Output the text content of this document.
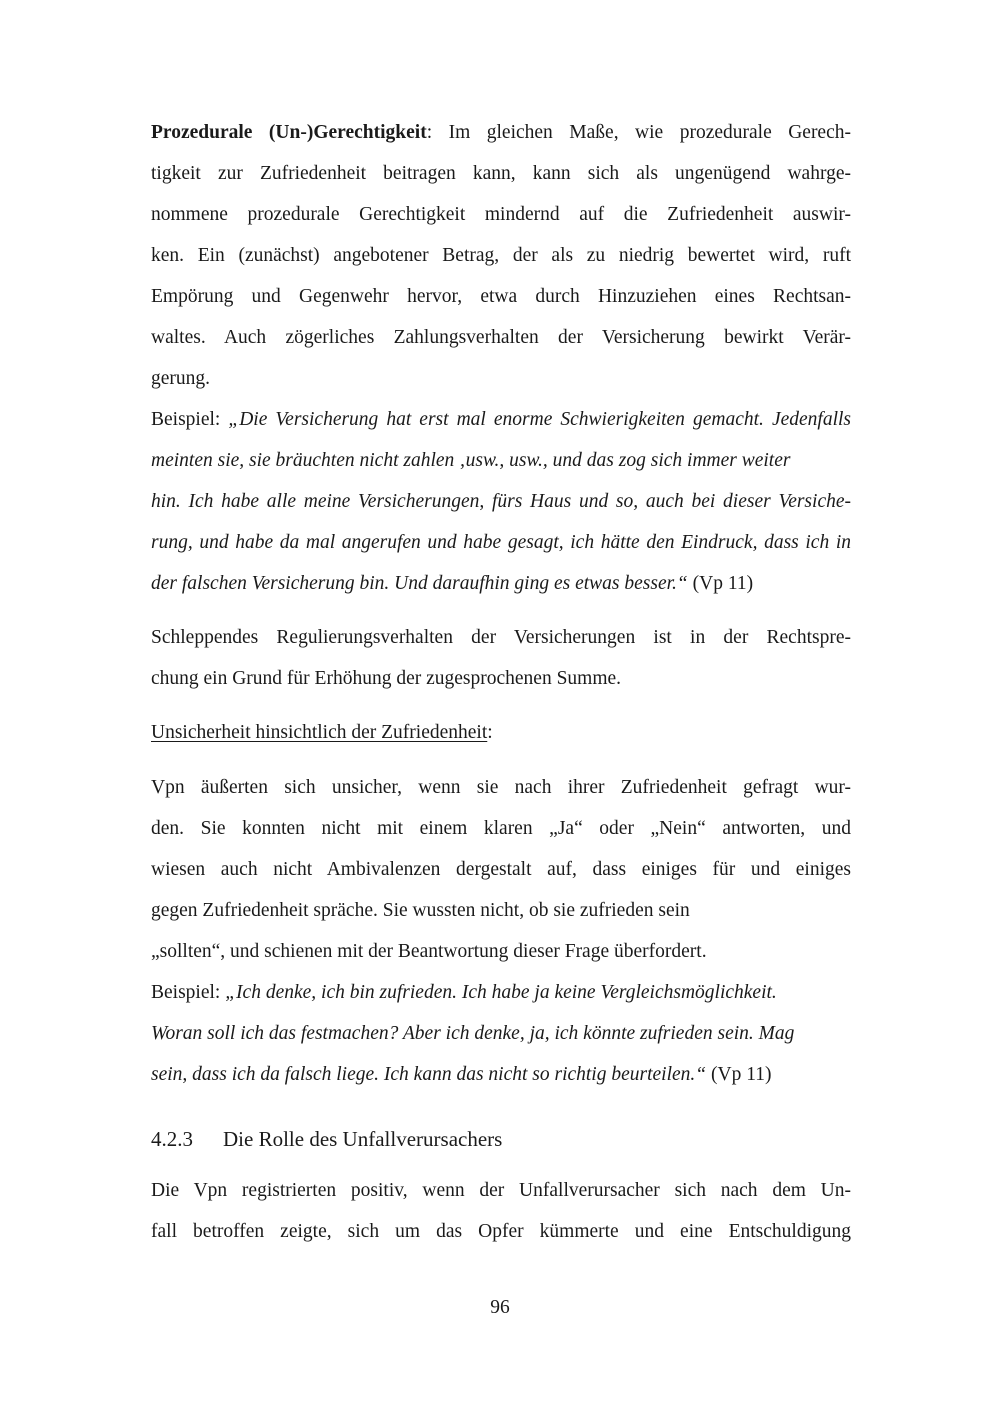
Prozedurale (Un-)Gerechtigkeit: Im gleichen Maße, wie prozedurale Gerech-
tigkeit zur Zufriedenheit beitragen kann, kann sich als ungenügend wahrge-
nommene prozedurale Gerechtigkeit mindernd auf die Zufriedenheit auswir-
ken. Ein (zunächst) angebotener Betrag, der als zu niedrig bewertet wird, ruft
Empörung und Gegenwehr hervor, etwa durch Hinzuziehen eines Rechtsan-
waltes. Auch zögerliches Zahlungsverhalten der Versicherung bewirkt Verär-
gerung.
Beispiel: „Die Versicherung hat erst mal enorme Schwierigkeiten gemacht. Jedenfalls
meinten sie, sie bräuchten nicht zahlen ‚usw., usw., und das zog sich immer weiter
hin. Ich habe alle meine Versicherungen, fürs Haus und so, auch bei dieser Versiche-
rung, und habe da mal angerufen und habe gesagt, ich hätte den Eindruck, dass ich in
der falschen Versicherung bin. Und daraufhin ging es etwas besser.“ (Vp 11)
Schleppendes Regulierungsverhalten der Versicherungen ist in der Rechtspre-
chung ein Grund für Erhöhung der zugesprochenen Summe.
Unsicherheit hinsichtlich der Zufriedenheit:
Vpn äußerten sich unsicher, wenn sie nach ihrer Zufriedenheit gefragt wur-
den. Sie konnten nicht mit einem klaren „Ja“ oder „Nein“ antworten, und
wiesen auch nicht Ambivalenzen dergestalt auf, dass einiges für und einiges
gegen Zufriedenheit spräche. Sie wussten nicht, ob sie zufrieden sein
„sollten“, und schienen mit der Beantwortung dieser Frage überfordert.
Beispiel: „Ich denke, ich bin zufrieden. Ich habe ja keine Vergleichsmöglichkeit.
Woran soll ich das festmachen? Aber ich denke, ja, ich könnte zufrieden sein. Mag
sein, dass ich da falsch liege. Ich kann das nicht so richtig beurteilen.“ (Vp 11)
Die Vpn registrierten positiv, wenn der Unfallverursacher sich nach dem Un-
fall betroffen zeigte, sich um das Opfer kümmerte und eine Entschuldigung
4.2.3 Die Rolle des Unfallverursachers
96
